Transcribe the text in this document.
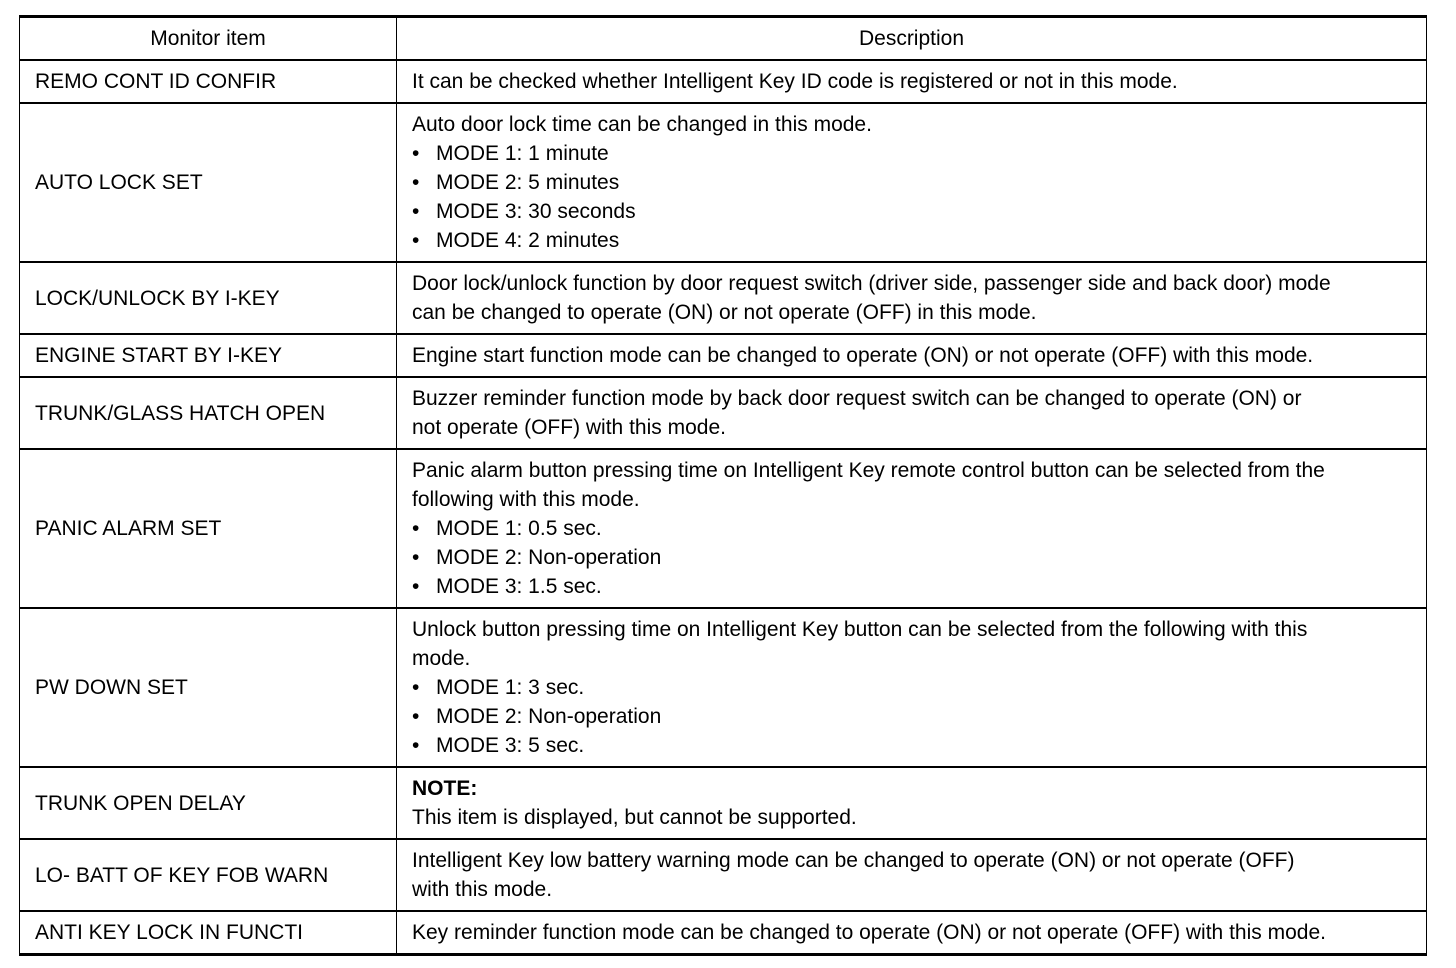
Monitor item	Description
REMO CONT ID CONFIR	It can be checked whether Intelligent Key ID code is registered or not in this mode.

AUTO LOCK SET	Auto door lock time can be changed in this mode.
• MODE 1: 1 minute
• MODE 2: 5 minutes
• MODE 3: 30 seconds
• MODE 4: 2 minutes

LOCK/UNLOCK BY I-KEY	Door lock/unlock function by door request switch (driver side, passenger side and back door) mode
can be changed to operate (ON) or not operate (OFF) in this mode.

ENGINE START BY I-KEY	Engine start function mode can be changed to operate (ON) or not operate (OFF) with this mode.

TRUNK/GLASS HATCH OPEN	Buzzer reminder function mode by back door request switch can be changed to operate (ON) or
not operate (OFF) with this mode.

PANIC ALARM SET	Panic alarm button pressing time on Intelligent Key remote control button can be selected from the
following with this mode.
• MODE 1: 0.5 sec.
• MODE 2: Non-operation
• MODE 3: 1.5 sec.

PW DOWN SET	Unlock button pressing time on Intelligent Key button can be selected from the following with this
mode.
• MODE 1: 3 sec.
• MODE 2: Non-operation
• MODE 3: 5 sec.

TRUNK OPEN DELAY	NOTE:
This item is displayed, but cannot be supported.

LO- BATT OF KEY FOB WARN	Intelligent Key low battery warning mode can be changed to operate (ON) or not operate (OFF)
with this mode.

ANTI KEY LOCK IN FUNCTI	Key reminder function mode can be changed to operate (ON) or not operate (OFF) with this mode.
